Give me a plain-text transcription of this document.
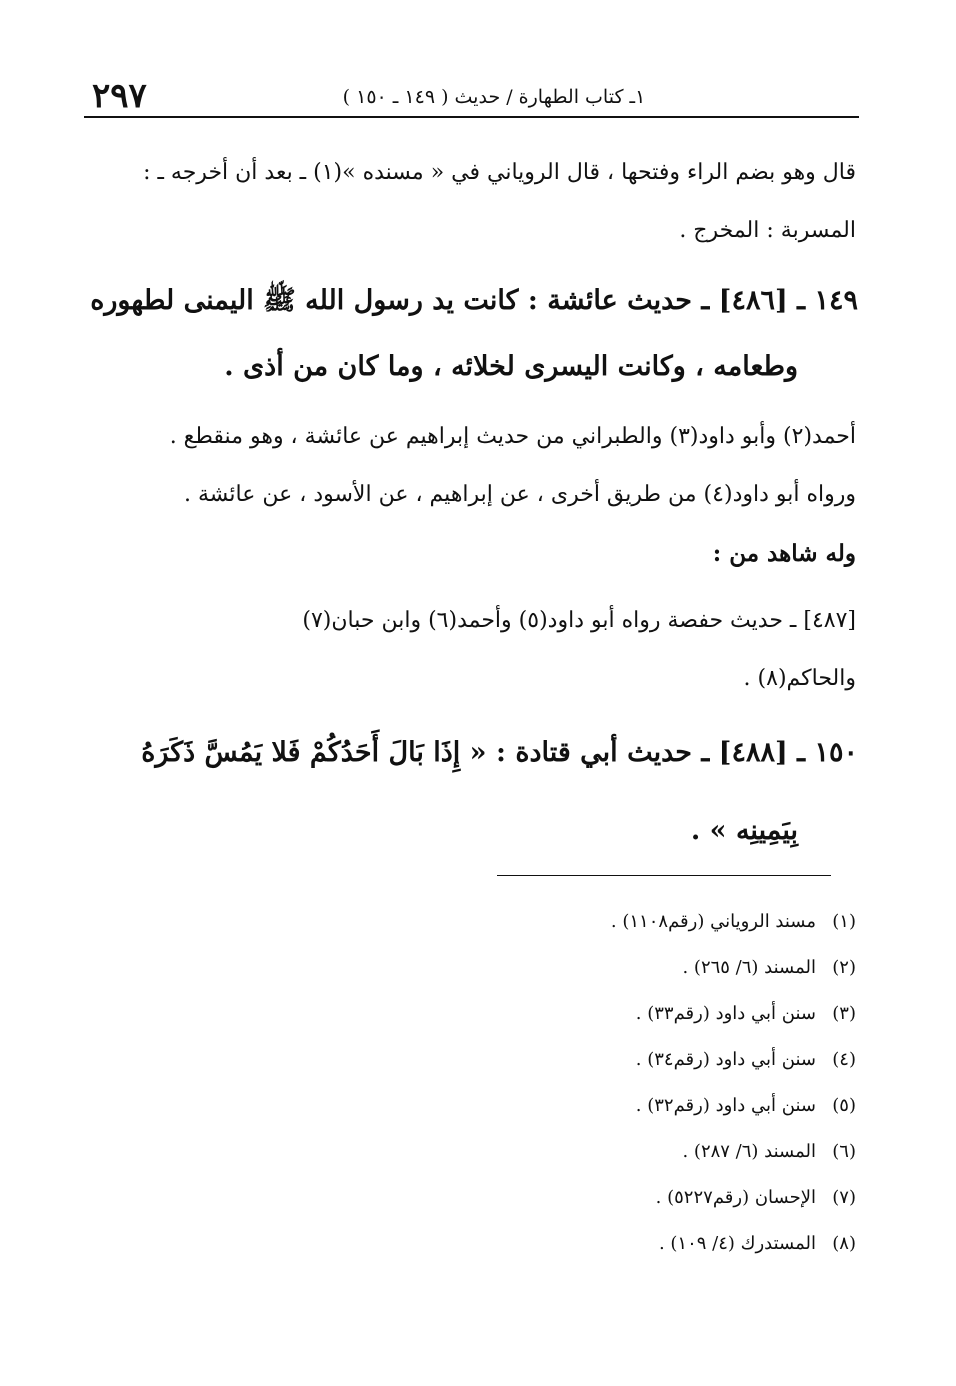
٢٩٧	١ـ كتاب الطهارة / حديث ( ١٤٩ ـ ١٥٠ )
قال وهو بضم الراء وفتحها ، قال الروياني في « مسنده »(١) ـ بعد أن أخرجه ـ :
المسربة : المخرج .
١٤٩ ـ [٤٨٦] ـ حديث عائشة : كانت يد رسول الله ﷺ اليمنى لطهوره
وطعامه ، وكانت اليسرى لخلائه ، وما كان من أذى .
أحمد(٢) وأبو داود(٣) والطبراني من حديث إبراهيم عن عائشة ، وهو منقطع .
ورواه أبو داود(٤) من طريق أخرى ، عن إبراهيم ، عن الأسود ، عن عائشة .
وله شاهد من :
[٤٨٧] ـ حديث حفصة رواه أبو داود(٥) وأحمد(٦) وابن حبان(٧)
والحاكم(٨) .
١٥٠ ـ [٤٨٨] ـ حديث أبي قتادة : « إِذَا بَالَ أَحَدُكُمْ فَلا يَمُسَّ ذَكَرَهُ
بِيَمِينِه » .
(١)مسند الروياني (رقم١١٠٨) .
(٢)المسند (٦/ ٢٦٥) .
(٣)سنن أبي داود (رقم٣٣) .
(٤)سنن أبي داود (رقم٣٤) .
(٥)سنن أبي داود (رقم٣٢) .
(٦)المسند (٦/ ٢٨٧) .
(٧)الإحسان (رقم٥٢٢٧) .
(٨)المستدرك (٤/ ١٠٩) .
